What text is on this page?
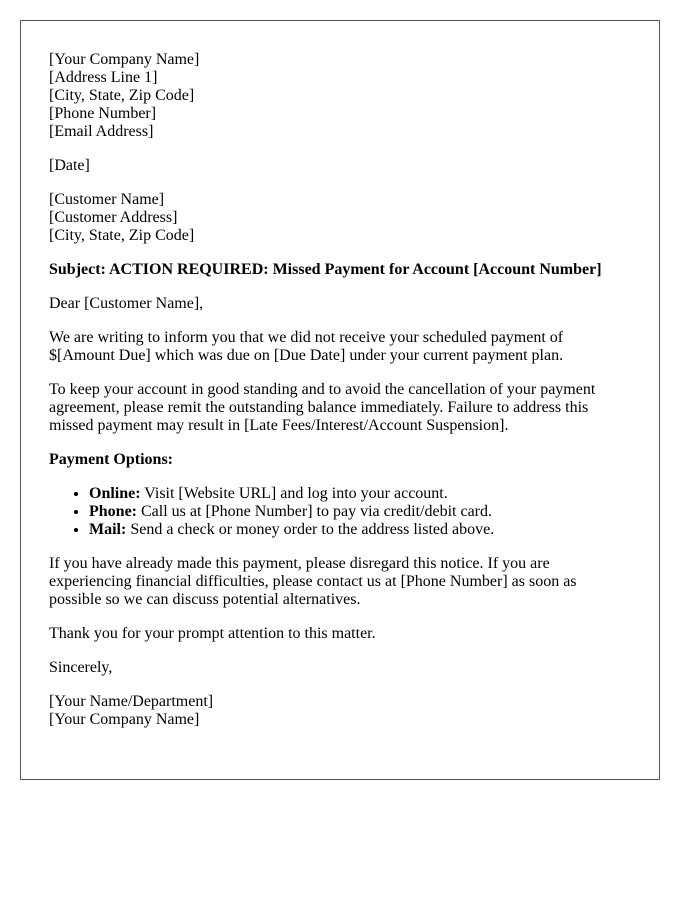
[Your Company Name]

[Address Line 1]

[City, State, Zip Code]

[Phone Number]

[Email Address]

[Date]

[Customer Name]

[Customer Address]

[City, State, Zip Code]

Subject: ACTION REQUIRED: Missed Payment for Account [Account Number]

Dear [Customer Name],

We are writing to inform you that we did not receive your scheduled payment of $[Amount Due] which was due on [Due Date] under your current payment plan.

To keep your account in good standing and to avoid the cancellation of your payment agreement, please remit the outstanding balance immediately. Failure to address this missed payment may result in [Late Fees/Interest/Account Suspension].

Payment Options:

• Online: Visit [Website URL] and log into your account.
• Phone: Call us at [Phone Number] to pay via credit/debit card.
• Mail: Send a check or money order to the address listed above.

If you have already made this payment, please disregard this notice. If you are experiencing financial difficulties, please contact us at [Phone Number] as soon as possible so we can discuss potential alternatives.

Thank you for your prompt attention to this matter.

Sincerely,

[Your Name/Department]

[Your Company Name]
